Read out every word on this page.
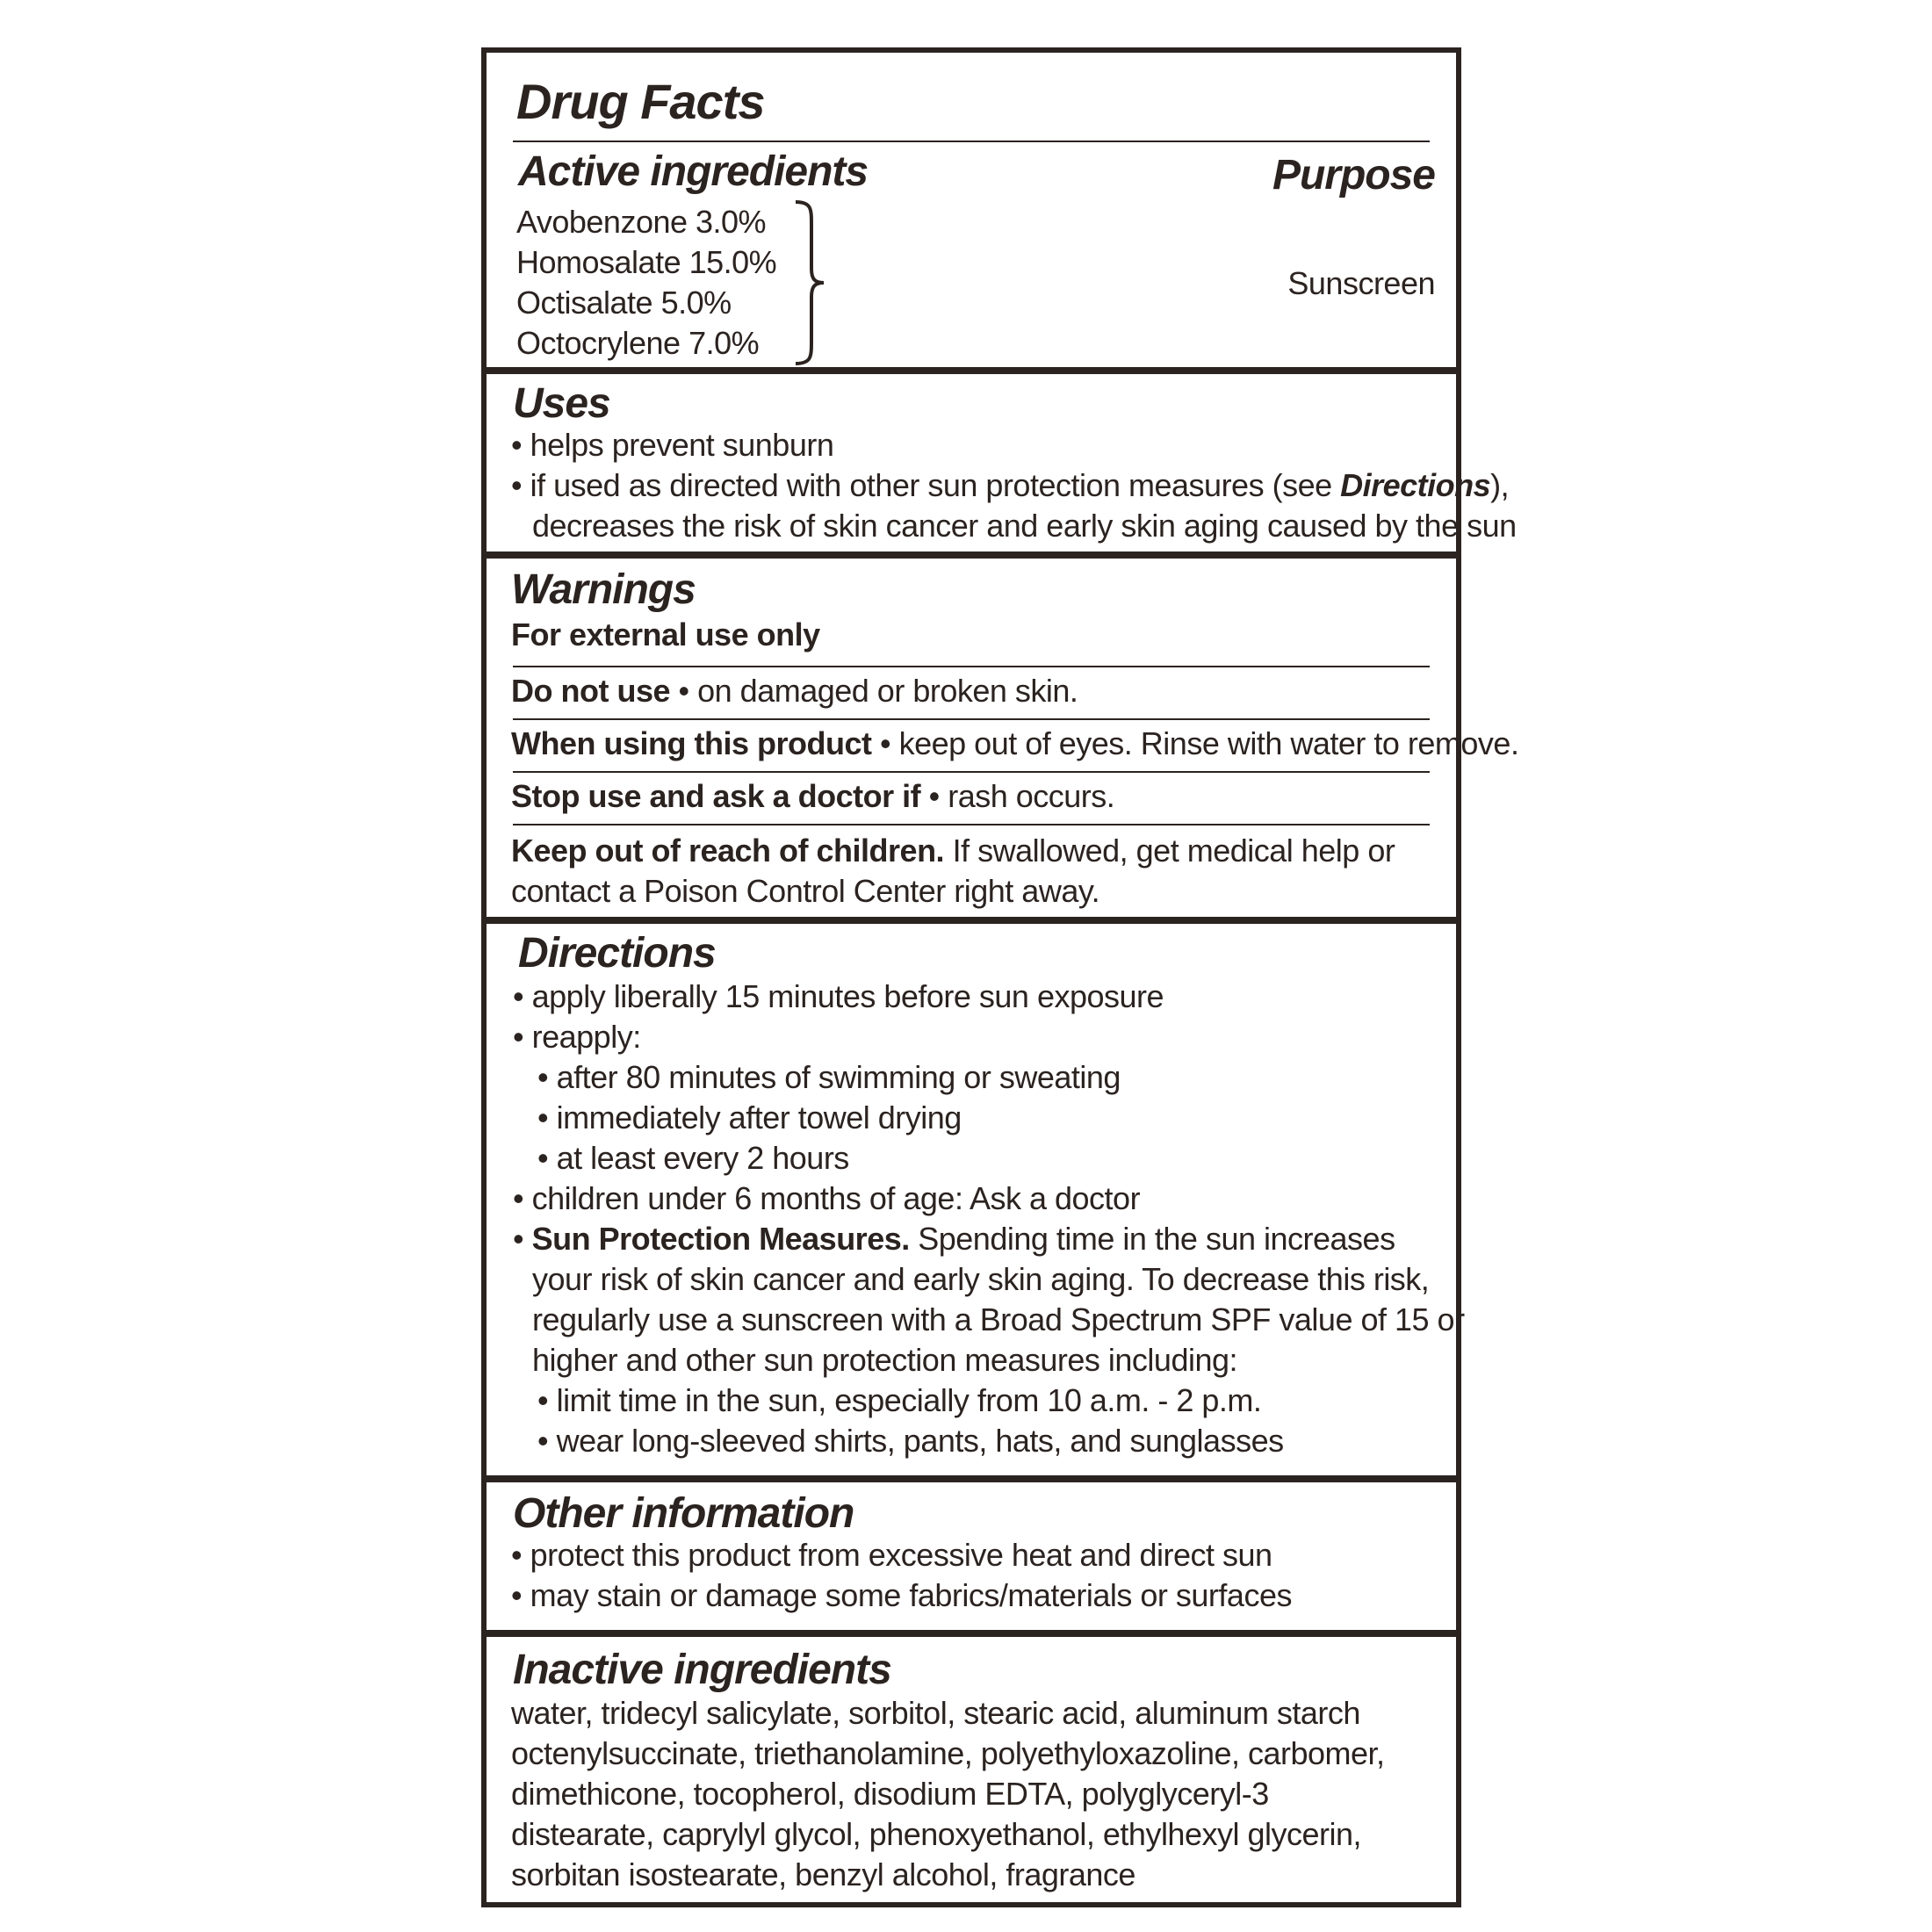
Drug Facts
Active ingredients	Purpose
Avobenzone 3.0%
Homosalate 15.0%
Octisalate 5.0%
Octocrylene 7.0%
Sunscreen
Uses
• helps prevent sunburn
• if used as directed with other sun protection measures (see Directions),
decreases the risk of skin cancer and early skin aging caused by the sun
Warnings
For external use only
Do not use • on damaged or broken skin.
When using this product • keep out of eyes. Rinse with water to remove.
Stop use and ask a doctor if • rash occurs.
Keep out of reach of children. If swallowed, get medical help or
contact a Poison Control Center right away.
Directions
• apply liberally 15 minutes before sun exposure
• reapply:
• after 80 minutes of swimming or sweating
• immediately after towel drying
• at least every 2 hours
• children under 6 months of age: Ask a doctor
• Sun Protection Measures. Spending time in the sun increases
your risk of skin cancer and early skin aging. To decrease this risk,
regularly use a sunscreen with a Broad Spectrum SPF value of 15 or
higher and other sun protection measures including:
• limit time in the sun, especially from 10 a.m. - 2 p.m.
• wear long-sleeved shirts, pants, hats, and sunglasses
Other information
• protect this product from excessive heat and direct sun
• may stain or damage some fabrics/materials or surfaces
Inactive ingredients
water, tridecyl salicylate, sorbitol, stearic acid, aluminum starch
octenylsuccinate, triethanolamine, polyethyloxazoline, carbomer,
dimethicone, tocopherol, disodium EDTA, polyglyceryl-3
distearate, caprylyl glycol, phenoxyethanol, ethylhexyl glycerin,
sorbitan isostearate, benzyl alcohol, fragrance
